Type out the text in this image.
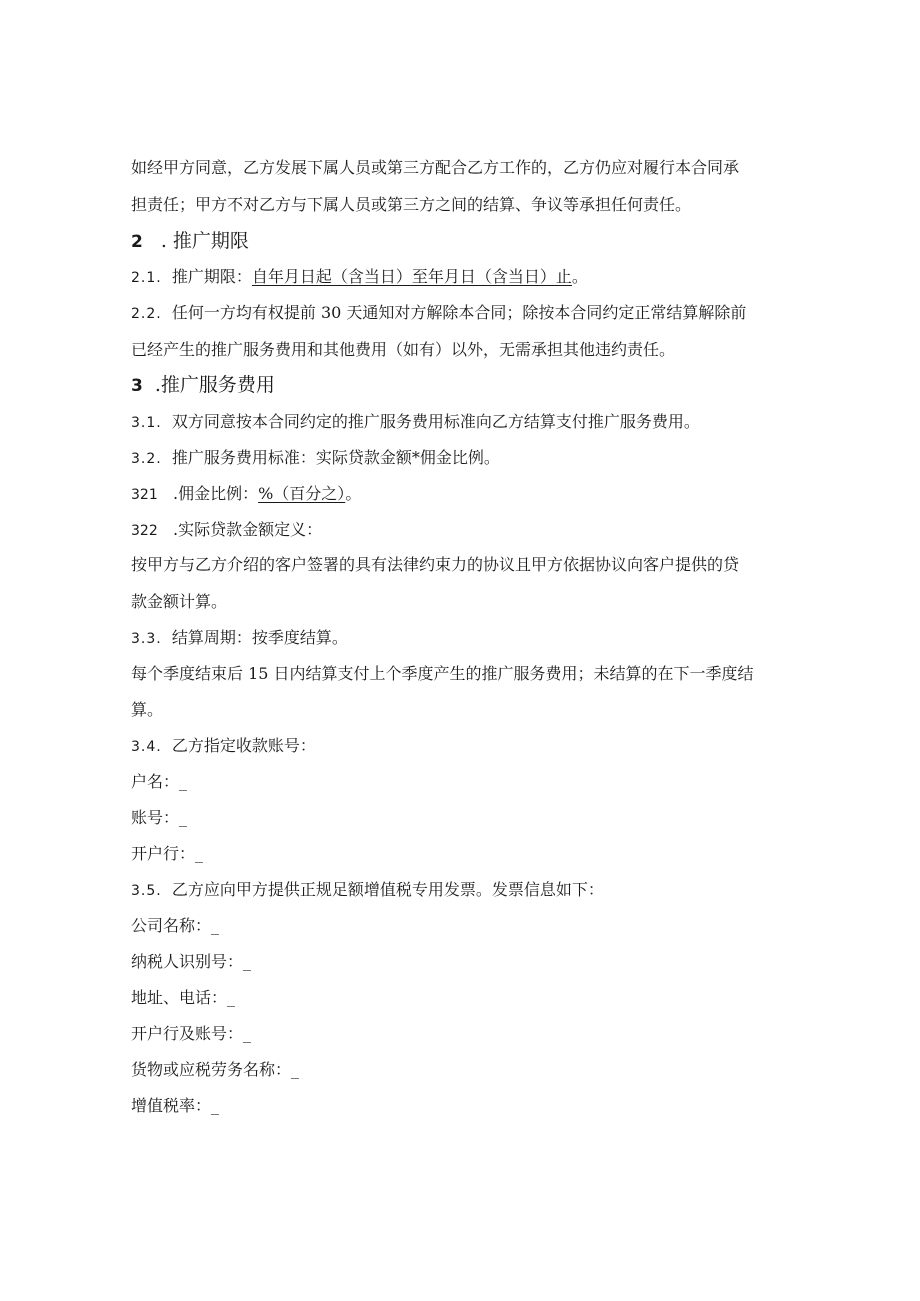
如经甲方同意，乙方发展下属人员或第三方配合乙方工作的，乙方仍应对履行本合同承
担责任；甲方不对乙方与下属人员或第三方之间的结算、争议等承担任何责任。
2 . 推广期限
2.1. 推广期限：自年月日起（含当日）至年月日（含当日）止。
2.2. 任何一方均有权提前 30 天通知对方解除本合同；除按本合同约定正常结算解除前
已经产生的推广服务费用和其他费用（如有）以外，无需承担其他违约责任。
3 .推广服务费用
3.1. 双方同意按本合同约定的推广服务费用标准向乙方结算支付推广服务费用。
3.2. 推广服务费用标准：实际贷款金额*佣金比例。
321 .佣金比例：%（百分之）。
322 .实际贷款金额定义：
按甲方与乙方介绍的客户签署的具有法律约束力的协议且甲方依据协议向客户提供的贷
款金额计算。
3.3. 结算周期：按季度结算。
每个季度结束后 15 日内结算支付上个季度产生的推广服务费用；未结算的在下一季度结
算。
3.4. 乙方指定收款账号：
户名：_
账号：_
开户行：_
3.5. 乙方应向甲方提供正规足额增值税专用发票。发票信息如下：
公司名称：_
纳税人识别号：_
地址、电话：_
开户行及账号：_
货物或应税劳务名称：_
增值税率：_
